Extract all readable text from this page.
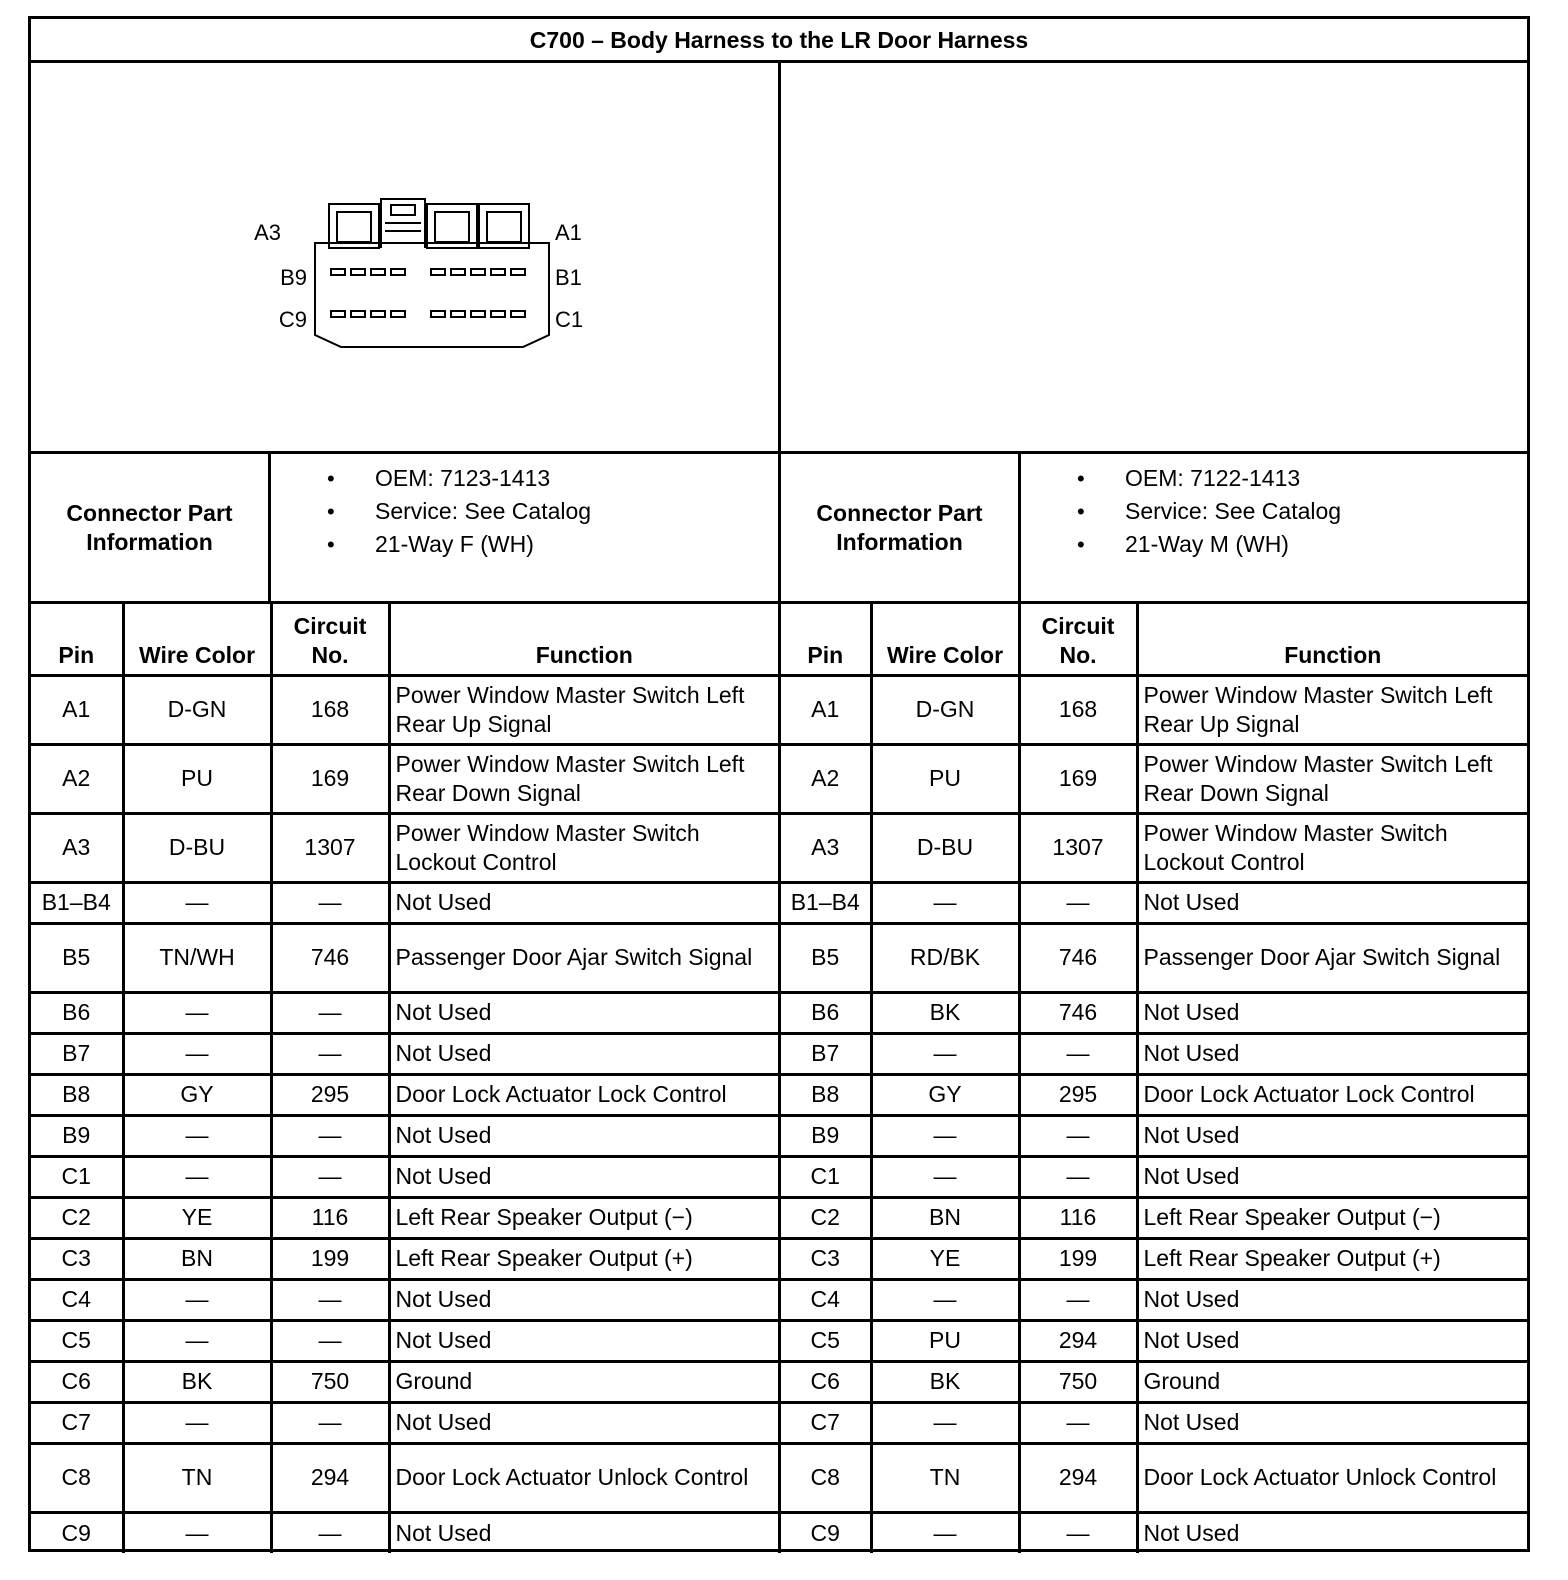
C700 – Body Harness to the LR Door Harness
A3	A1
B9	B1
C9	C1
Connector Part Information
• OEM: 7123-1413
• Service: See Catalog
• 21-Way F (WH)
Connector Part Information
• OEM: 7122-1413
• Service: See Catalog
• 21-Way M (WH)
Pin	Wire Color	Circuit No.	Function
A1	D-GN	168	Power Window Master Switch Left Rear Up Signal
A2	PU	169	Power Window Master Switch Left Rear Down Signal
A3	D-BU	1307	Power Window Master Switch Lockout Control
B1–B4	—	—	Not Used
B5	TN/WH	746	Passenger Door Ajar Switch Signal
B6	—	—	Not Used
B7	—	—	Not Used
B8	GY	295	Door Lock Actuator Lock Control
B9	—	—	Not Used
C1	—	—	Not Used
C2	YE	116	Left Rear Speaker Output (−)
C3	BN	199	Left Rear Speaker Output (+)
C4	—	—	Not Used
C5	—	—	Not Used
C6	BK	750	Ground
C7	—	—	Not Used
C8	TN	294	Door Lock Actuator Unlock Control
C9	—	—	Not Used
Pin	Wire Color	Circuit No.	Function
A1	D-GN	168	Power Window Master Switch Left Rear Up Signal
A2	PU	169	Power Window Master Switch Left Rear Down Signal
A3	D-BU	1307	Power Window Master Switch Lockout Control
B1–B4	—	—	Not Used
B5	RD/BK	746	Passenger Door Ajar Switch Signal
B6	BK	746	Not Used
B7	—	—	Not Used
B8	GY	295	Door Lock Actuator Lock Control
B9	—	—	Not Used
C1	—	—	Not Used
C2	BN	116	Left Rear Speaker Output (−)
C3	YE	199	Left Rear Speaker Output (+)
C4	—	—	Not Used
C5	PU	294	Not Used
C6	BK	750	Ground
C7	—	—	Not Used
C8	TN	294	Door Lock Actuator Unlock Control
C9	—	—	Not Used
